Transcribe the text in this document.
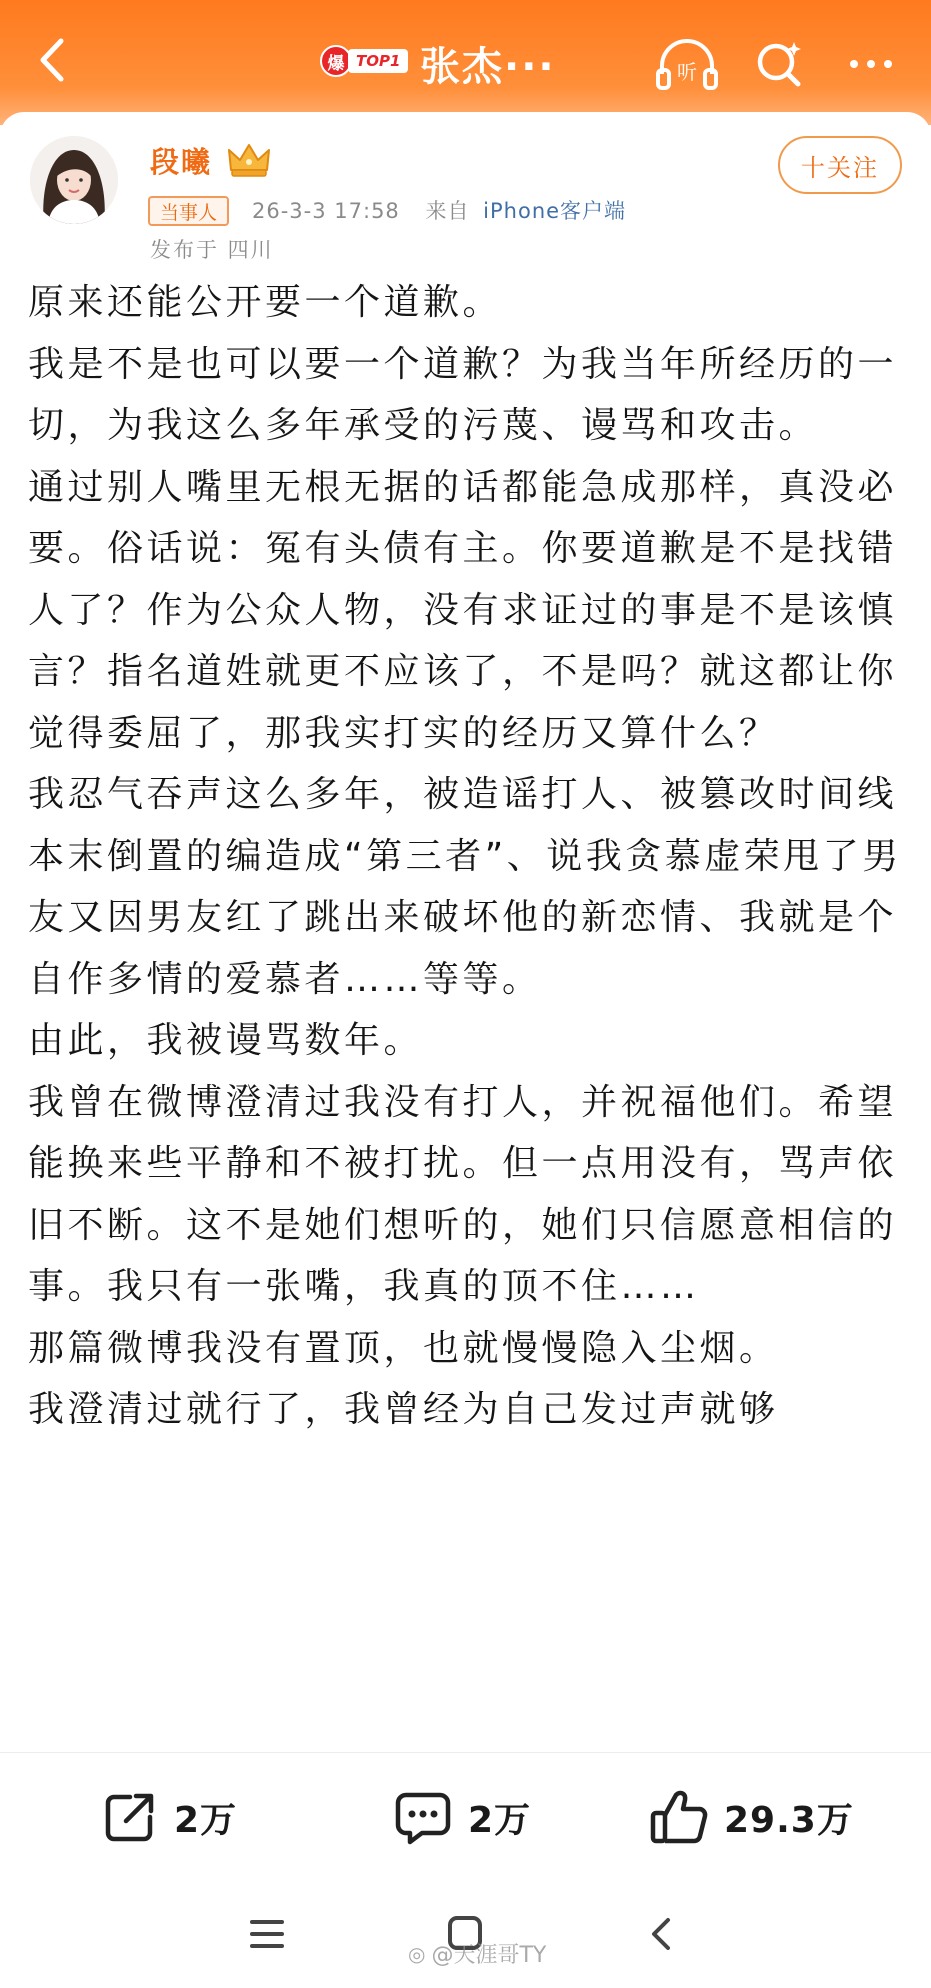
爆 TOP1 张杰···	听
段曦
当事人	26-3-3 17:58 来自 iPhone客户端
发布于 四川
十关注

原来还能公开要一个道歉。

我是不是也可以要一个道歉？为我当年所经历的一切，为我这么多年承受的污蔑、谩骂和攻击。

通过别人嘴里无根无据的话都能急成那样，真没必要。俗话说：冤有头债有主。你要道歉是不是找错人了？作为公众人物，没有求证过的事是不是该慎言？指名道姓就更不应该了，不是吗？就这都让你觉得委屈了，那我实打实的经历又算什么？

我忍气吞声这么多年，被造谣打人、被篡改时间线本末倒置的编造成“第三者”、说我贪慕虚荣甩了男友又因男友红了跳出来破坏他的新恋情、我就是个自作多情的爱慕者……等等。

由此，我被谩骂数年。

我曾在微博澄清过我没有打人，并祝福他们。希望能换来些平静和不被打扰。但一点用没有，骂声依旧不断。这不是她们想听的，她们只信愿意相信的事。我只有一张嘴，我真的顶不住……

那篇微博我没有置顶，也就慢慢隐入尘烟。

我澄清过就行了，我曾经为自己发过声就够

2万	2万	29.3万
◎ @天涯哥TY
